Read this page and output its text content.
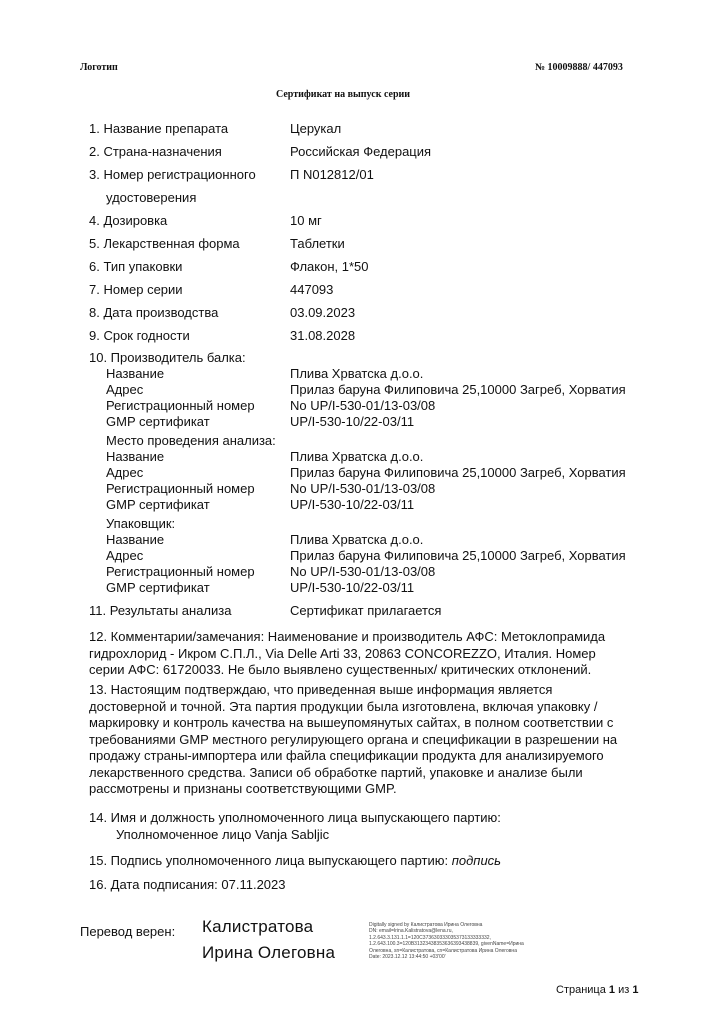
Логотип	№ 10009888/ 447093
Сертификат на выпуск серии
1. Название препарата	Церукал
2. Страна-назначения	Российская Федерация
3. Номер регистрационного	П N012812/01
удостоверения
4. Дозировка	10 мг
5. Лекарственная форма	Таблетки
6. Тип упаковки	Флакон, 1*50
7. Номер серии	447093
8. Дата производства	03.09.2023
9. Срок годности	31.08.2028
10. Производитель балка:
Название	Плива Хрватска д.о.о.
Адрес	Прилаз баруна Филиповича 25,10000 Загреб, Хорватия
Регистрационный номер	No UP/I-530-01/13-03/08
GMP сертификат	UP/I-530-10/22-03/11
Место проведения анализа:
Название	Плива Хрватска д.о.о.
Адрес	Прилаз баруна Филиповича 25,10000 Загреб, Хорватия
Регистрационный номер	No UP/I-530-01/13-03/08
GMP сертификат	UP/I-530-10/22-03/11
Упаковщик:
Название	Плива Хрватска д.о.о.
Адрес	Прилаз баруна Филиповича 25,10000 Загреб, Хорватия
Регистрационный номер	No UP/I-530-01/13-03/08
GMP сертификат	UP/I-530-10/22-03/11
11. Результаты анализа	Сертификат прилагается
12. Комментарии/замечания: Наименование и производитель АФС: Метоклопрамида
гидрохлорид - Икром С.П.Л., Via Delle Arti 33, 20863 CONCOREZZO, Италия. Номер
серии АФС: 61720033. Не было выявлено существенных/ критических отклонений.
13. Настоящим подтверждаю, что приведенная выше информация является
достоверной и точной. Эта партия продукции была изготовлена, включая упаковку /
маркировку и контроль качества на вышеупомянутых сайтах, в полном соответствии с
требованиями GMP местного регулирующего органа и спецификации в разрешении на
продажу страны-импортера или файла спецификации продукта для анализируемого
лекарственного средства. Записи об обработке партий, упаковке и анализе были
рассмотрены и признаны соответствующими GMP.
14. Имя и должность уполномоченного лица выпускающего партию:
Уполномоченное лицо Vanja Sabljic
15. Подпись уполномоченного лица выпускающего партию: подпись
16. Дата подписания: 07.11.2023
Перевод верен: Калистратова
Ирина Олеговна
Digitally signed by Калистратова Ирина Олеговна
DN: email=Irina.Kalistratova@lena.ru,
1.2.643.3.131.1.1=120C373630333035373133333332,
1.2.643.100.3=120B31323438353636393438839, givenName=Ирина
Олеговна, sn=Калистратова, cn=Калистратова Ирина Олеговна
Date: 2023.12.12 13:44:50 +03'00'
Страница 1 из 1
